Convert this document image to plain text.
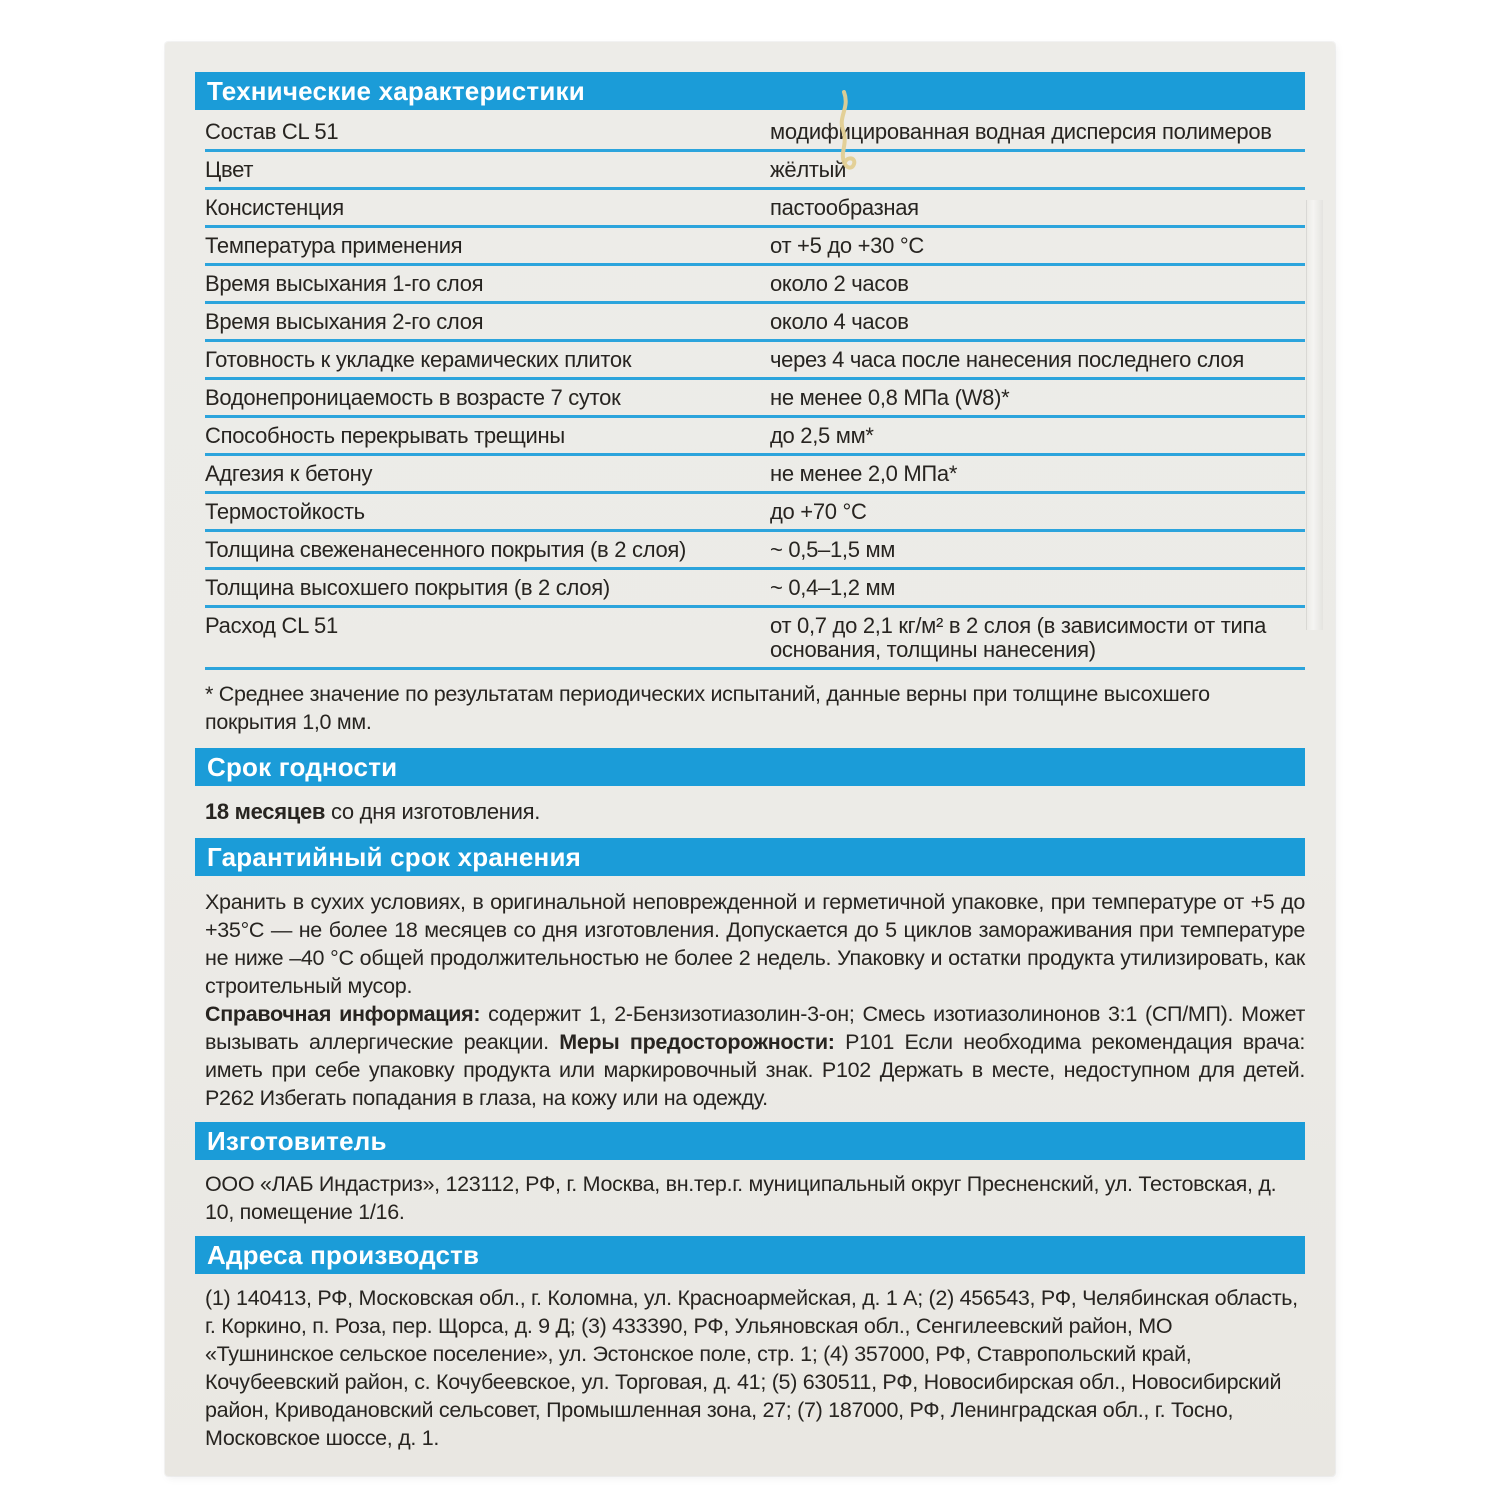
Технические характеристики
Состав CL 51	модифицированная водная дисперсия полимеров
Цвет	жёлтый
Консистенция	пастообразная
Температура применения	от +5 до +30 °C
Время высыхания 1-го слоя	около 2 часов
Время высыхания 2-го слоя	около 4 часов
Готовность к укладке керамических плиток	через 4 часа после нанесения последнего слоя
Водонепроницаемость в возрасте 7 суток	не менее 0,8 МПа (W8)*
Способность перекрывать трещины	до 2,5 мм*
Адгезия к бетону	не менее 2,0 МПа*
Термостойкость	до +70 °C
Толщина свеженанесенного покрытия (в 2 слоя)	~ 0,5–1,5 мм
Толщина высохшего покрытия (в 2 слоя)	~ 0,4–1,2 мм
Расход CL 51	от 0,7 до 2,1 кг/м² в 2 слоя (в зависимости от типа основания, толщины нанесения)
* Среднее значение по результатам периодических испытаний, данные верны при толщине высохшего покрытия 1,0 мм.
Срок годности
18 месяцев со дня изготовления.
Гарантийный срок хранения
Хранить в сухих условиях, в оригинальной неповрежденной и герметичной упаковке, при температуре от +5 до +35°C — не более 18 месяцев со дня изготовления. Допускается до 5 циклов замораживания при температуре не ниже –40 °C общей продолжительностью не более 2 недель. Упаковку и остатки продукта утилизировать, как строительный мусор.
Справочная информация: содержит 1, 2-Бензизотиазолин-3-он; Смесь изотиазолинонов 3:1 (СП/МП). Может вызывать аллергические реакции. Меры предосторожности: P101 Если необходима рекомендация врача: иметь при себе упаковку продукта или маркировочный знак. P102 Держать в месте, недоступном для детей. P262 Избегать попадания в глаза, на кожу или на одежду.
Изготовитель
ООО «ЛАБ Индастриз», 123112, РФ, г. Москва, вн.тер.г. муниципальный округ Пресненский, ул. Тестовская, д. 10, помещение 1/16.
Адреса производств
(1) 140413, РФ, Московская обл., г. Коломна, ул. Красноармейская, д. 1 А; (2) 456543, РФ, Челябинская область, г. Коркино, п. Роза, пер. Щорса, д. 9 Д; (3) 433390, РФ, Ульяновская обл., Сенгилеевский район, МО «Тушнинское сельское поселение», ул. Эстонское поле, стр. 1; (4) 357000, РФ, Ставропольский край, Кочубеевский район, с. Кочубеевское, ул. Торговая, д. 41; (5) 630511, РФ, Новосибирская обл., Новосибирский район, Криводановский сельсовет, Промышленная зона, 27; (7) 187000, РФ, Ленинградская обл., г. Тосно, Московское шоссе, д. 1.
